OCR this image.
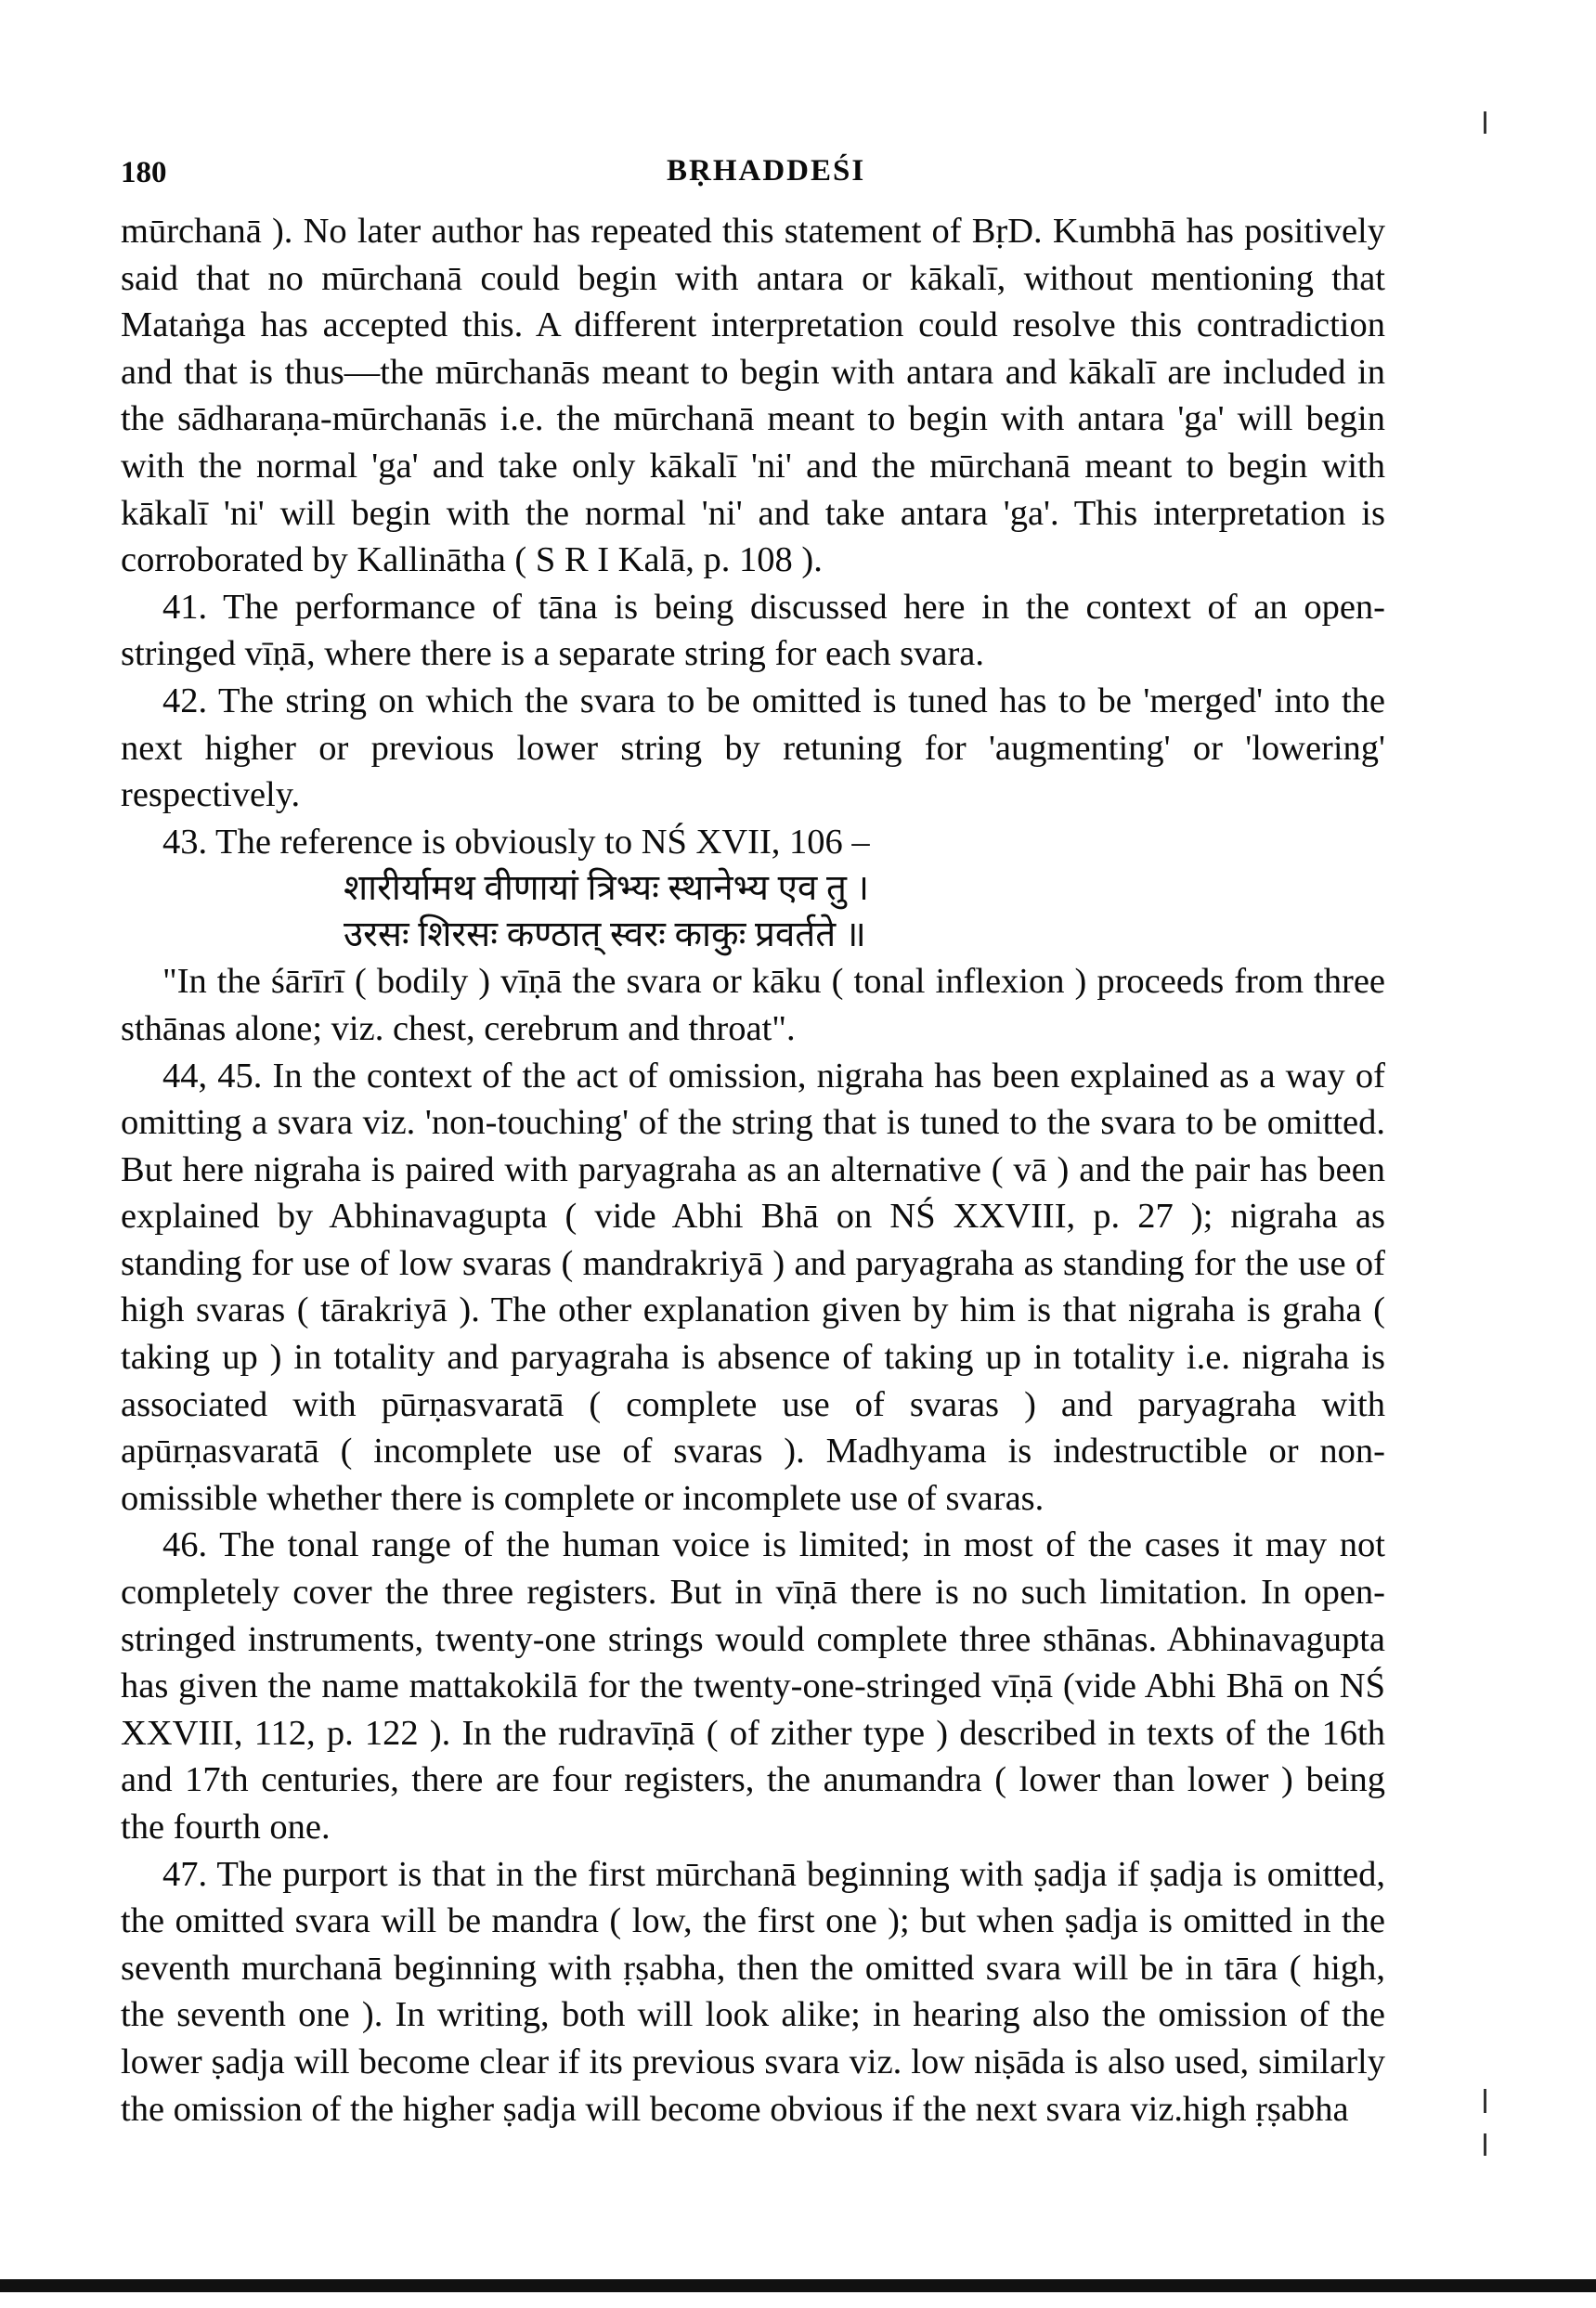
180	BṚHADDEŚI

mūrchanā ). No later author has repeated this statement of BṛD. Kumbhā has positively said that no mūrchanā could begin with antara or kākalī, without mentioning that Mataṅga has accepted this. A different interpretation could resolve this contradiction and that is thus—the mūrchanās meant to begin with antara and kākalī are included in the sādharaṇa-mūrchanās i.e. the mūrchanā meant to begin with antara 'ga' will begin with the normal 'ga' and take only kākalī 'ni' and the mūrchanā meant to begin with kākalī 'ni' will begin with the normal 'ni' and take antara 'ga'. This interpretation is corroborated by Kallinātha ( S R I Kalā, p. 108 ).

41. The performance of tāna is being discussed here in the context of an open-stringed vīṇā, where there is a separate string for each svara.

42. The string on which the svara to be omitted is tuned has to be 'merged' into the next higher or previous lower string by retuning for 'augmenting' or 'lowering' respectively.

43. The reference is obviously to NŚ XVII, 106 –

शारीर्यामथ वीणायां त्रिभ्यः स्थानेभ्य एव तु ।
उरसः शिरसः कण्ठात् स्वरः काकुः प्रवर्तते ॥

"In the śārīrī ( bodily ) vīṇā the svara or kāku ( tonal inflexion ) proceeds from three sthānas alone; viz. chest, cerebrum and throat".

44, 45. In the context of the act of omission, nigraha has been explained as a way of omitting a svara viz. 'non-touching' of the string that is tuned to the svara to be omitted. But here nigraha is paired with paryagraha as an alternative ( vā ) and the pair has been explained by Abhinavagupta ( vide Abhi Bhā on NŚ XXVIII, p. 27 ); nigraha as standing for use of low svaras ( mandrakriyā ) and paryagraha as standing for the use of high svaras ( tārakriyā ). The other explanation given by him is that nigraha is graha ( taking up ) in totality and paryagraha is absence of taking up in totality i.e. nigraha is associated with pūrṇasvaratā ( complete use of svaras ) and paryagraha with apūrṇasvaratā ( incomplete use of svaras ). Madhyama is indestructible or non-omissible whether there is complete or incomplete use of svaras.

46. The tonal range of the human voice is limited; in most of the cases it may not completely cover the three registers. But in vīṇā there is no such limitation. In open-stringed instruments, twenty-one strings would complete three sthānas. Abhinavagupta has given the name mattakokilā for the twenty-one-stringed vīṇā (vide Abhi Bhā on NŚ XXVIII, 112, p. 122 ). In the rudravīṇā ( of zither type ) described in texts of the 16th and 17th centuries, there are four registers, the anumandra ( lower than lower ) being the fourth one.

47. The purport is that in the first mūrchanā beginning with ṣadja if ṣadja is omitted, the omitted svara will be mandra ( low, the first one ); but when ṣadja is omitted in the seventh murchanā beginning with ṛṣabha, then the omitted svara will be in tāra ( high, the seventh one ). In writing, both will look alike; in hearing also the omission of the lower ṣadja will become clear if its previous svara viz. low niṣāda is also used, similarly the omission of the higher ṣadja will become obvious if the next svara viz.high ṛṣabha
